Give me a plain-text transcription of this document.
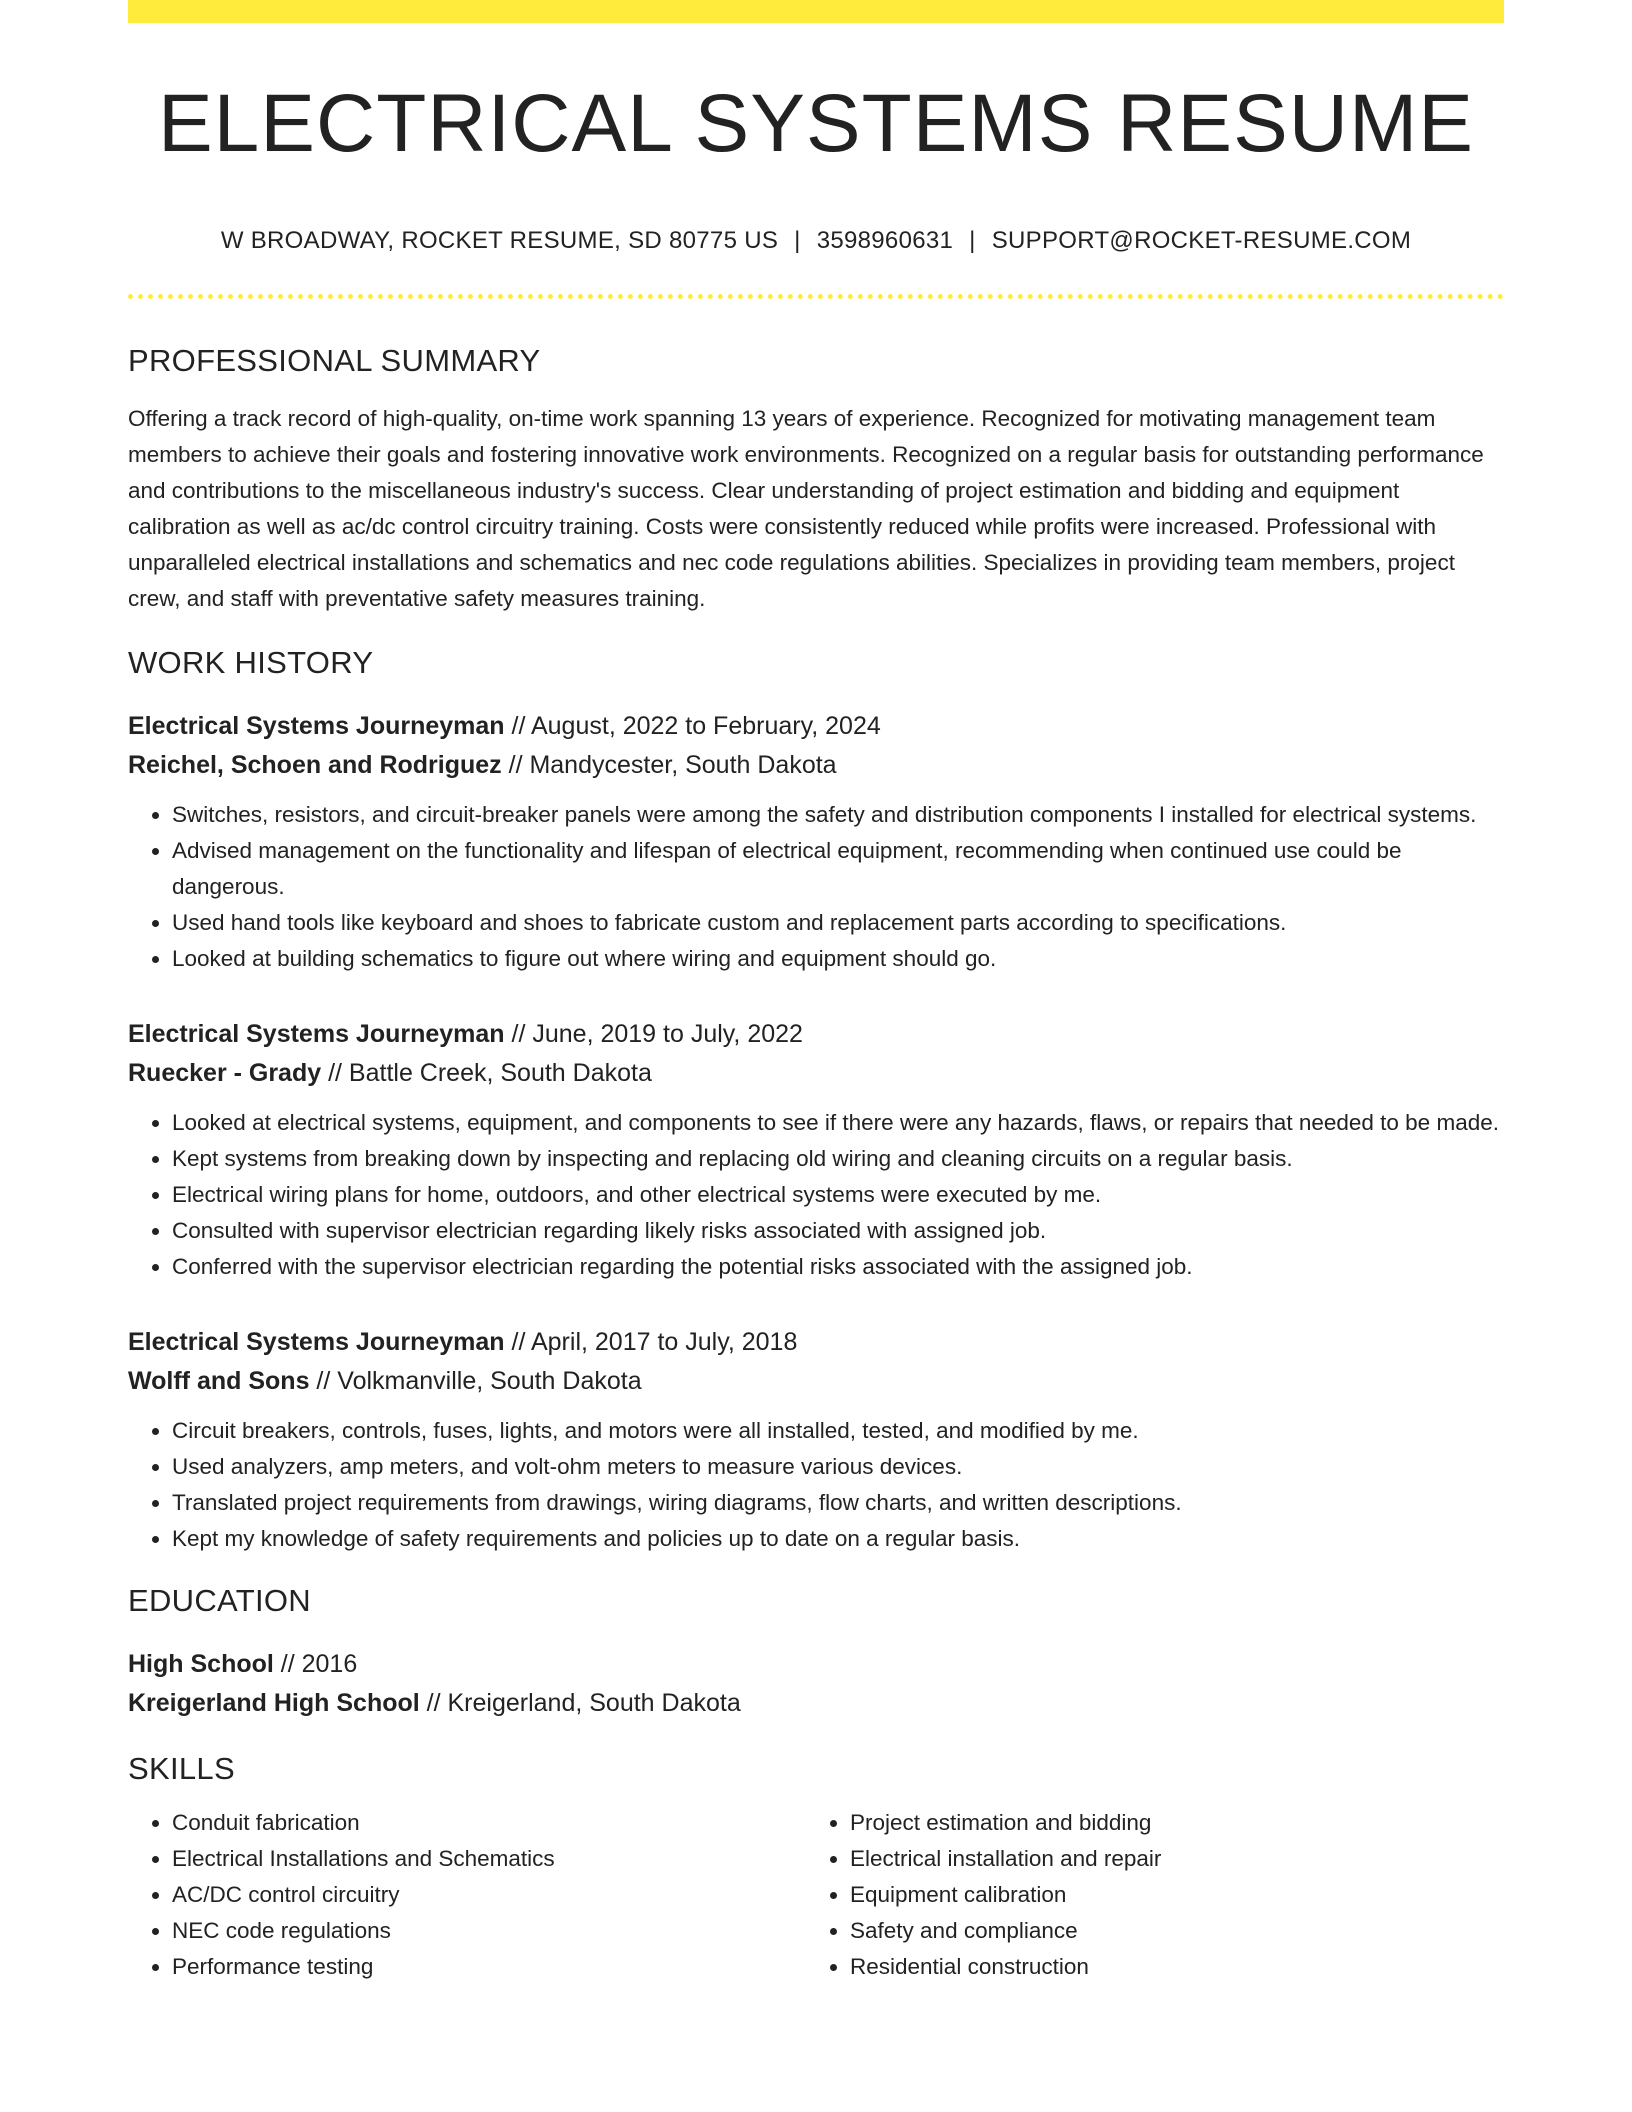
ELECTRICAL SYSTEMS RESUME
W BROADWAY, ROCKET RESUME, SD 80775 US | 3598960631 | SUPPORT@ROCKET-RESUME.COM
PROFESSIONAL SUMMARY
Offering a track record of high-quality, on-time work spanning 13 years of experience. Recognized for motivating management team members to achieve their goals and fostering innovative work environments. Recognized on a regular basis for outstanding performance and contributions to the miscellaneous industry's success. Clear understanding of project estimation and bidding and equipment calibration as well as ac/dc control circuitry training. Costs were consistently reduced while profits were increased. Professional with unparalleled electrical installations and schematics and nec code regulations abilities. Specializes in providing team members, project crew, and staff with preventative safety measures training.
WORK HISTORY
Electrical Systems Journeyman // August, 2022 to February, 2024
Reichel, Schoen and Rodriguez // Mandycester, South Dakota
• Switches, resistors, and circuit-breaker panels were among the safety and distribution components I installed for electrical systems.
• Advised management on the functionality and lifespan of electrical equipment, recommending when continued use could be dangerous.
• Used hand tools like keyboard and shoes to fabricate custom and replacement parts according to specifications.
• Looked at building schematics to figure out where wiring and equipment should go.
Electrical Systems Journeyman // June, 2019 to July, 2022
Ruecker - Grady // Battle Creek, South Dakota
• Looked at electrical systems, equipment, and components to see if there were any hazards, flaws, or repairs that needed to be made.
• Kept systems from breaking down by inspecting and replacing old wiring and cleaning circuits on a regular basis.
• Electrical wiring plans for home, outdoors, and other electrical systems were executed by me.
• Consulted with supervisor electrician regarding likely risks associated with assigned job.
• Conferred with the supervisor electrician regarding the potential risks associated with the assigned job.
Electrical Systems Journeyman // April, 2017 to July, 2018
Wolff and Sons // Volkmanville, South Dakota
• Circuit breakers, controls, fuses, lights, and motors were all installed, tested, and modified by me.
• Used analyzers, amp meters, and volt-ohm meters to measure various devices.
• Translated project requirements from drawings, wiring diagrams, flow charts, and written descriptions.
• Kept my knowledge of safety requirements and policies up to date on a regular basis.
EDUCATION
High School // 2016
Kreigerland High School // Kreigerland, South Dakota
SKILLS
• Conduit fabrication
• Electrical Installations and Schematics
• AC/DC control circuitry
• NEC code regulations
• Performance testing
• Project estimation and bidding
• Electrical installation and repair
• Equipment calibration
• Safety and compliance
• Residential construction
